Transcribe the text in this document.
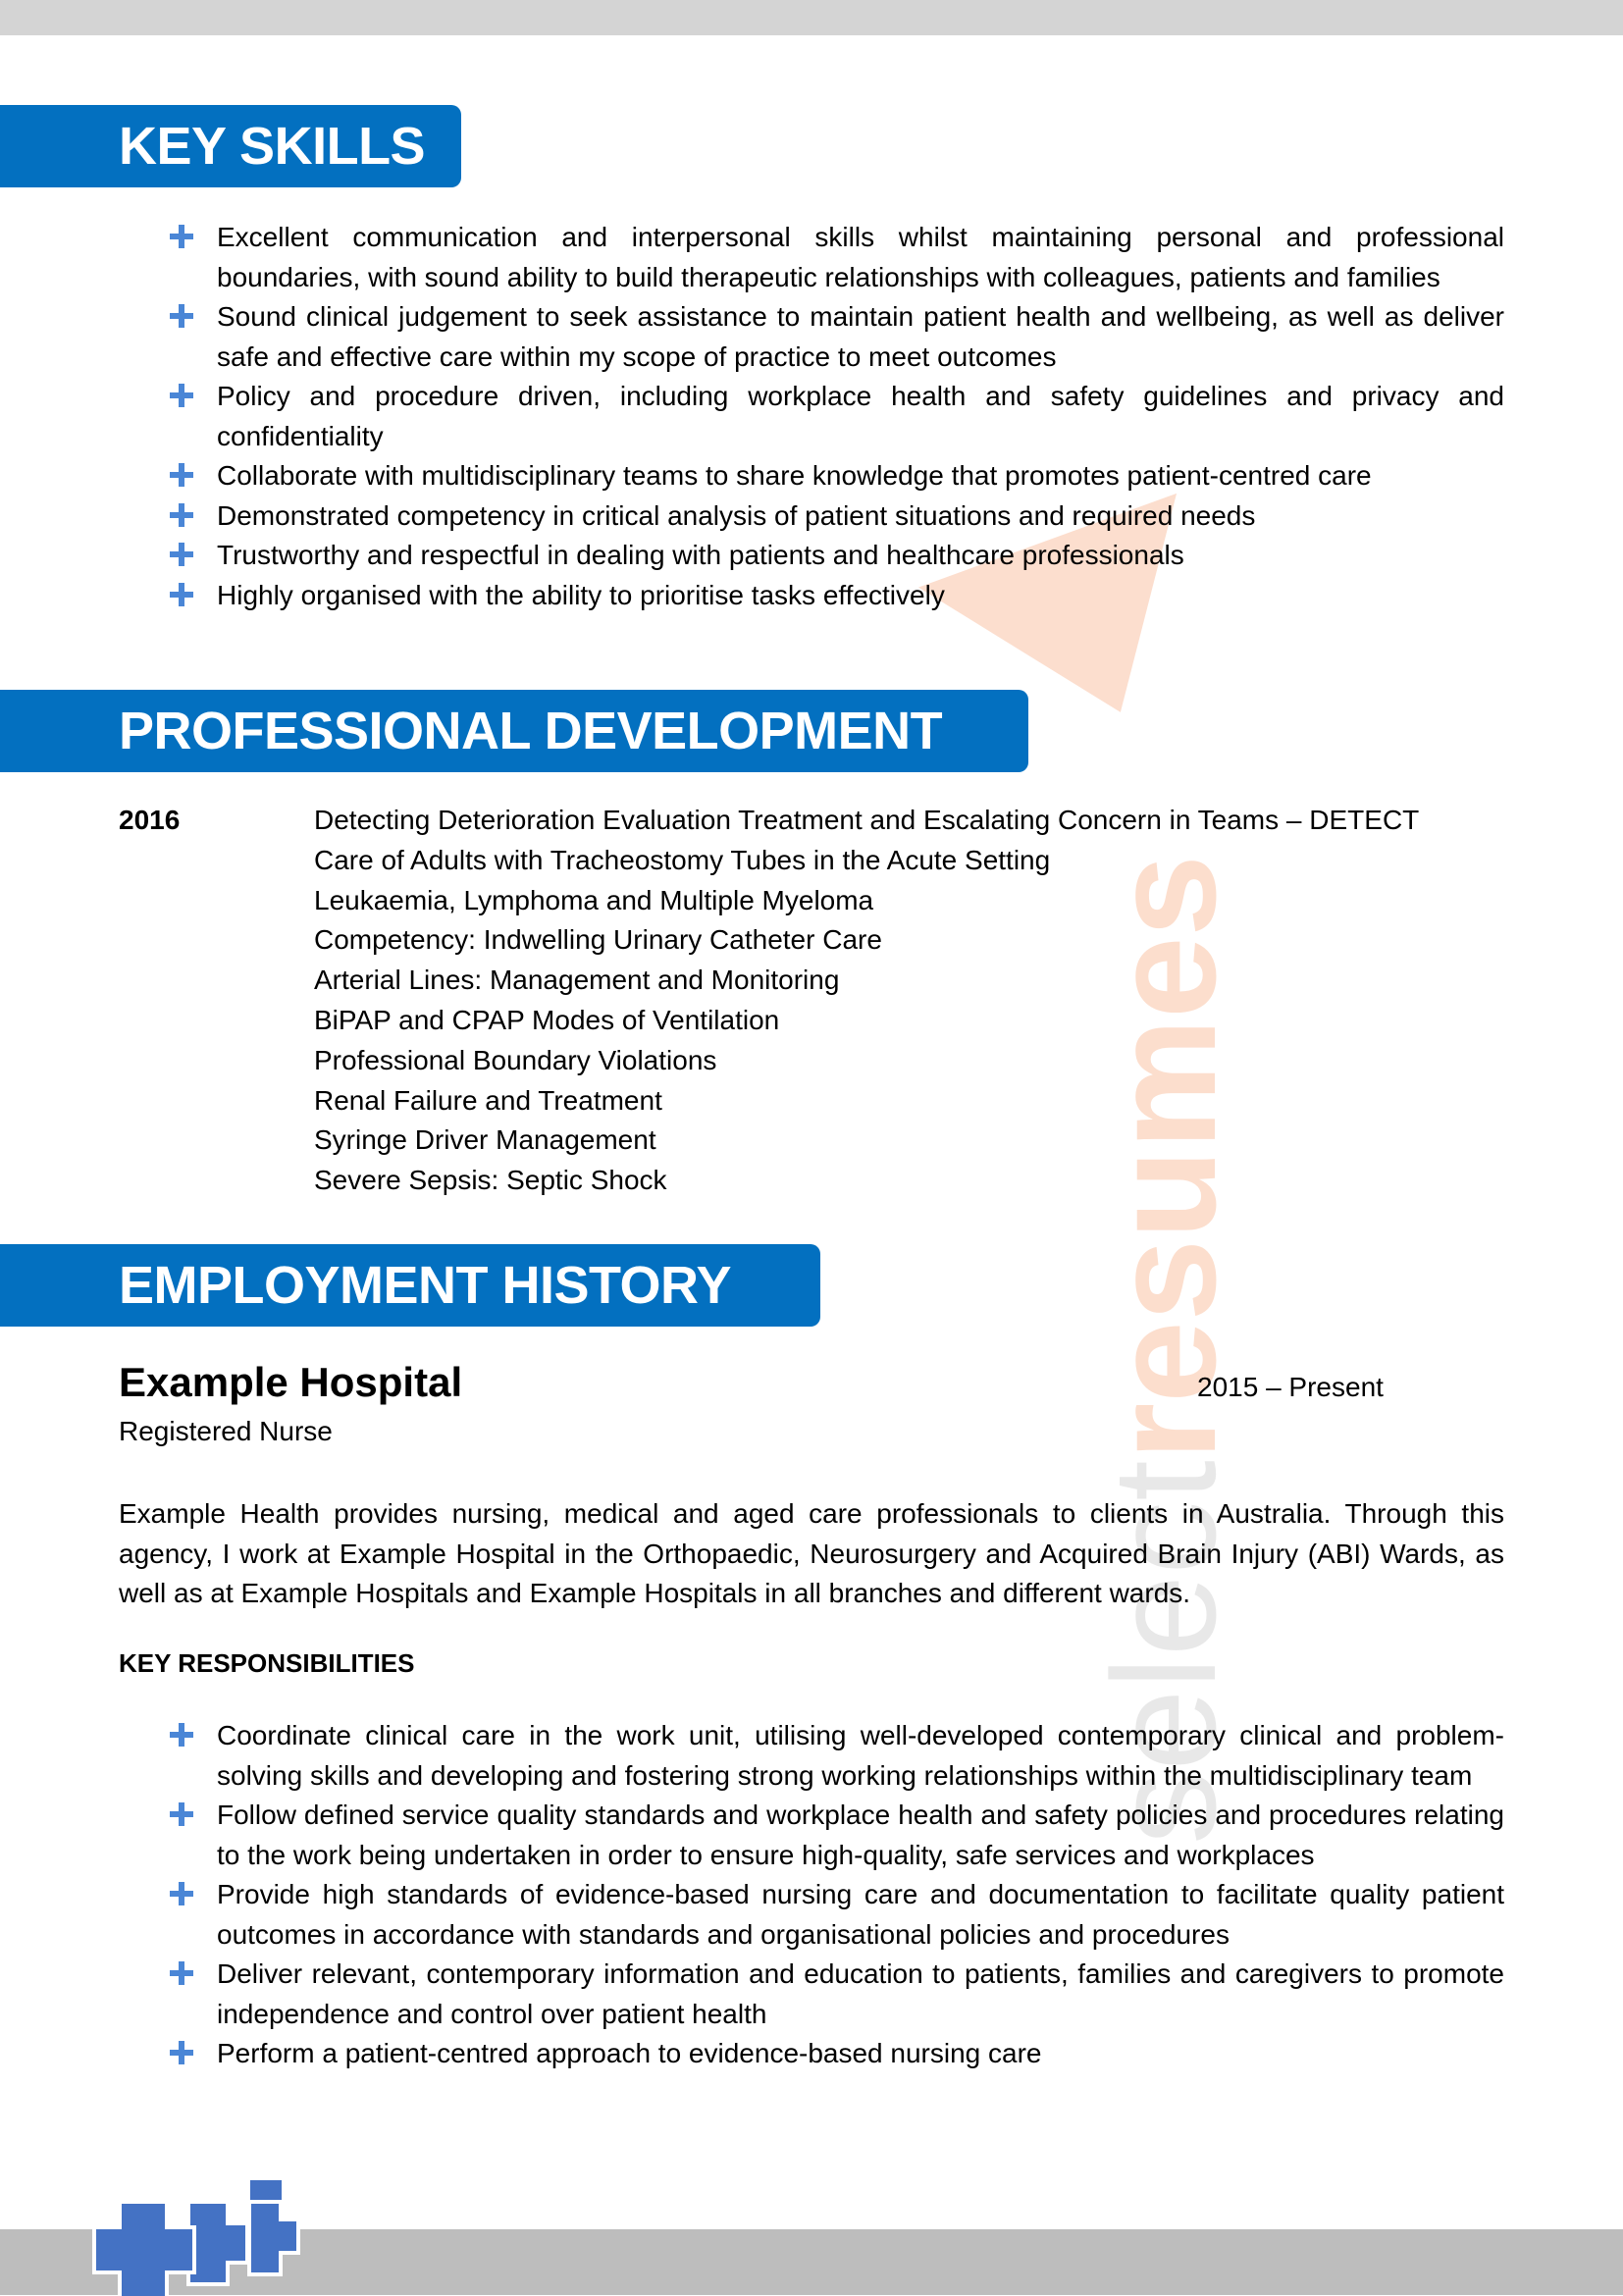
selectresumes
KEY SKILLS
Excellent communication and interpersonal skills whilst maintaining personal and professional boundaries, with sound ability to build therapeutic relationships with colleagues, patients and families
Sound clinical judgement to seek assistance to maintain patient health and wellbeing, as well as deliver safe and effective care within my scope of practice to meet outcomes
Policy and procedure driven, including workplace health and safety guidelines and privacy and confidentiality
Collaborate with multidisciplinary teams to share knowledge that promotes patient-centred care
Demonstrated competency in critical analysis of patient situations and required needs
Trustworthy and respectful in dealing with patients and healthcare professionals
Highly organised with the ability to prioritise tasks effectively
PROFESSIONAL DEVELOPMENT
2016	Detecting Deterioration Evaluation Treatment and Escalating Concern in Teams – DETECT
Care of Adults with Tracheostomy Tubes in the Acute Setting
Leukaemia, Lymphoma and Multiple Myeloma
Competency: Indwelling Urinary Catheter Care
Arterial Lines: Management and Monitoring
BiPAP and CPAP Modes of Ventilation
Professional Boundary Violations
Renal Failure and Treatment
Syringe Driver Management
Severe Sepsis: Septic Shock
EMPLOYMENT HISTORY
Example Hospital	2015 – Present
Registered Nurse
Example Health provides nursing, medical and aged care professionals to clients in Australia. Through this agency, I work at Example Hospital in the Orthopaedic, Neurosurgery and Acquired Brain Injury (ABI) Wards, as well as at Example Hospitals and Example Hospitals in all branches and different wards.
KEY RESPONSIBILITIES
Coordinate clinical care in the work unit, utilising well-developed contemporary clinical and problem-solving skills and developing and fostering strong working relationships within the multidisciplinary team
Follow defined service quality standards and workplace health and safety policies and procedures relating to the work being undertaken in order to ensure high-quality, safe services and workplaces
Provide high standards of evidence-based nursing care and documentation to facilitate quality patient outcomes in accordance with standards and organisational policies and procedures
Deliver relevant, contemporary information and education to patients, families and caregivers to promote independence and control over patient health
Perform a patient-centred approach to evidence-based nursing care
